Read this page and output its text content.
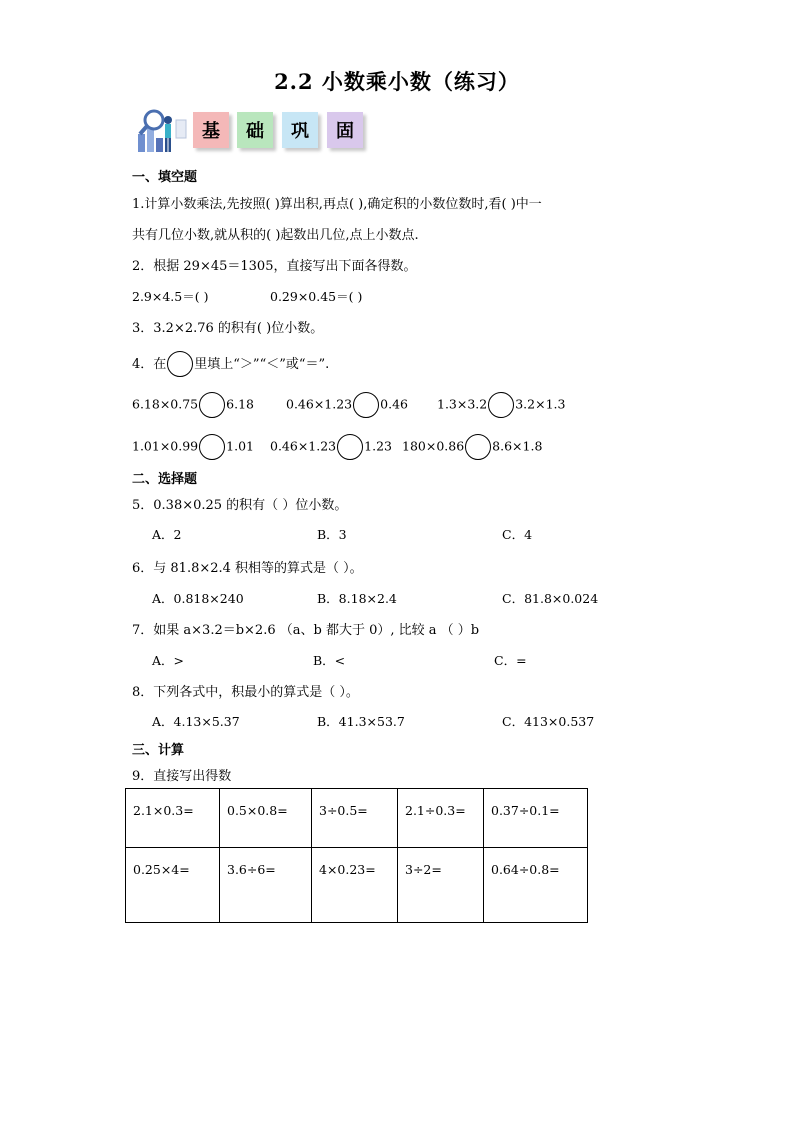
2.2 小数乘小数（练习）
基	础	巩	固
一、填空题
1.计算小数乘法,先按照( )算出积,再点( ),确定积的小数位数时,看( )中一
共有几位小数,就从积的( )起数出几位,点上小数点.
2．根据 29×45＝1305，直接写出下面各得数。
2.9×4.5＝( )	0.29×0.45＝( )
3．3.2×2.76 的积有( )位小数。
4．在 里填上“＞”“＜”或“＝”.
6.18×0.75 6.18	0.46×1.23 0.46 1.3×3.2 3.2×1.3
1.01×0.99 1.01 0.46×1.23 1.23 180×0.86 8.6×1.8
二、选择题
5．0.38×0.25 的积有（ ）位小数。
A．2	B．3	C．4
6．与 81.8×2.4 积相等的算式是（ ）。
A．0.818×240	B．8.18×2.4	C．81.8×0.024
7．如果 a×3.2＝b×2.6 （a、b 都大于 0）, 比较 a （ ）b
A．>	B．<	C．=
8．下列各式中，积最小的算式是（ ）。
A．4.13×5.37	B．41.3×53.7	C．413×0.537
三、计算
9．直接写出得数
2.1×0.3=	0.5×0.8=	3÷0.5=	2.1÷0.3=	0.37÷0.1=
0.25×4=	3.6÷6=	4×0.23=	3÷2=	0.64÷0.8=
